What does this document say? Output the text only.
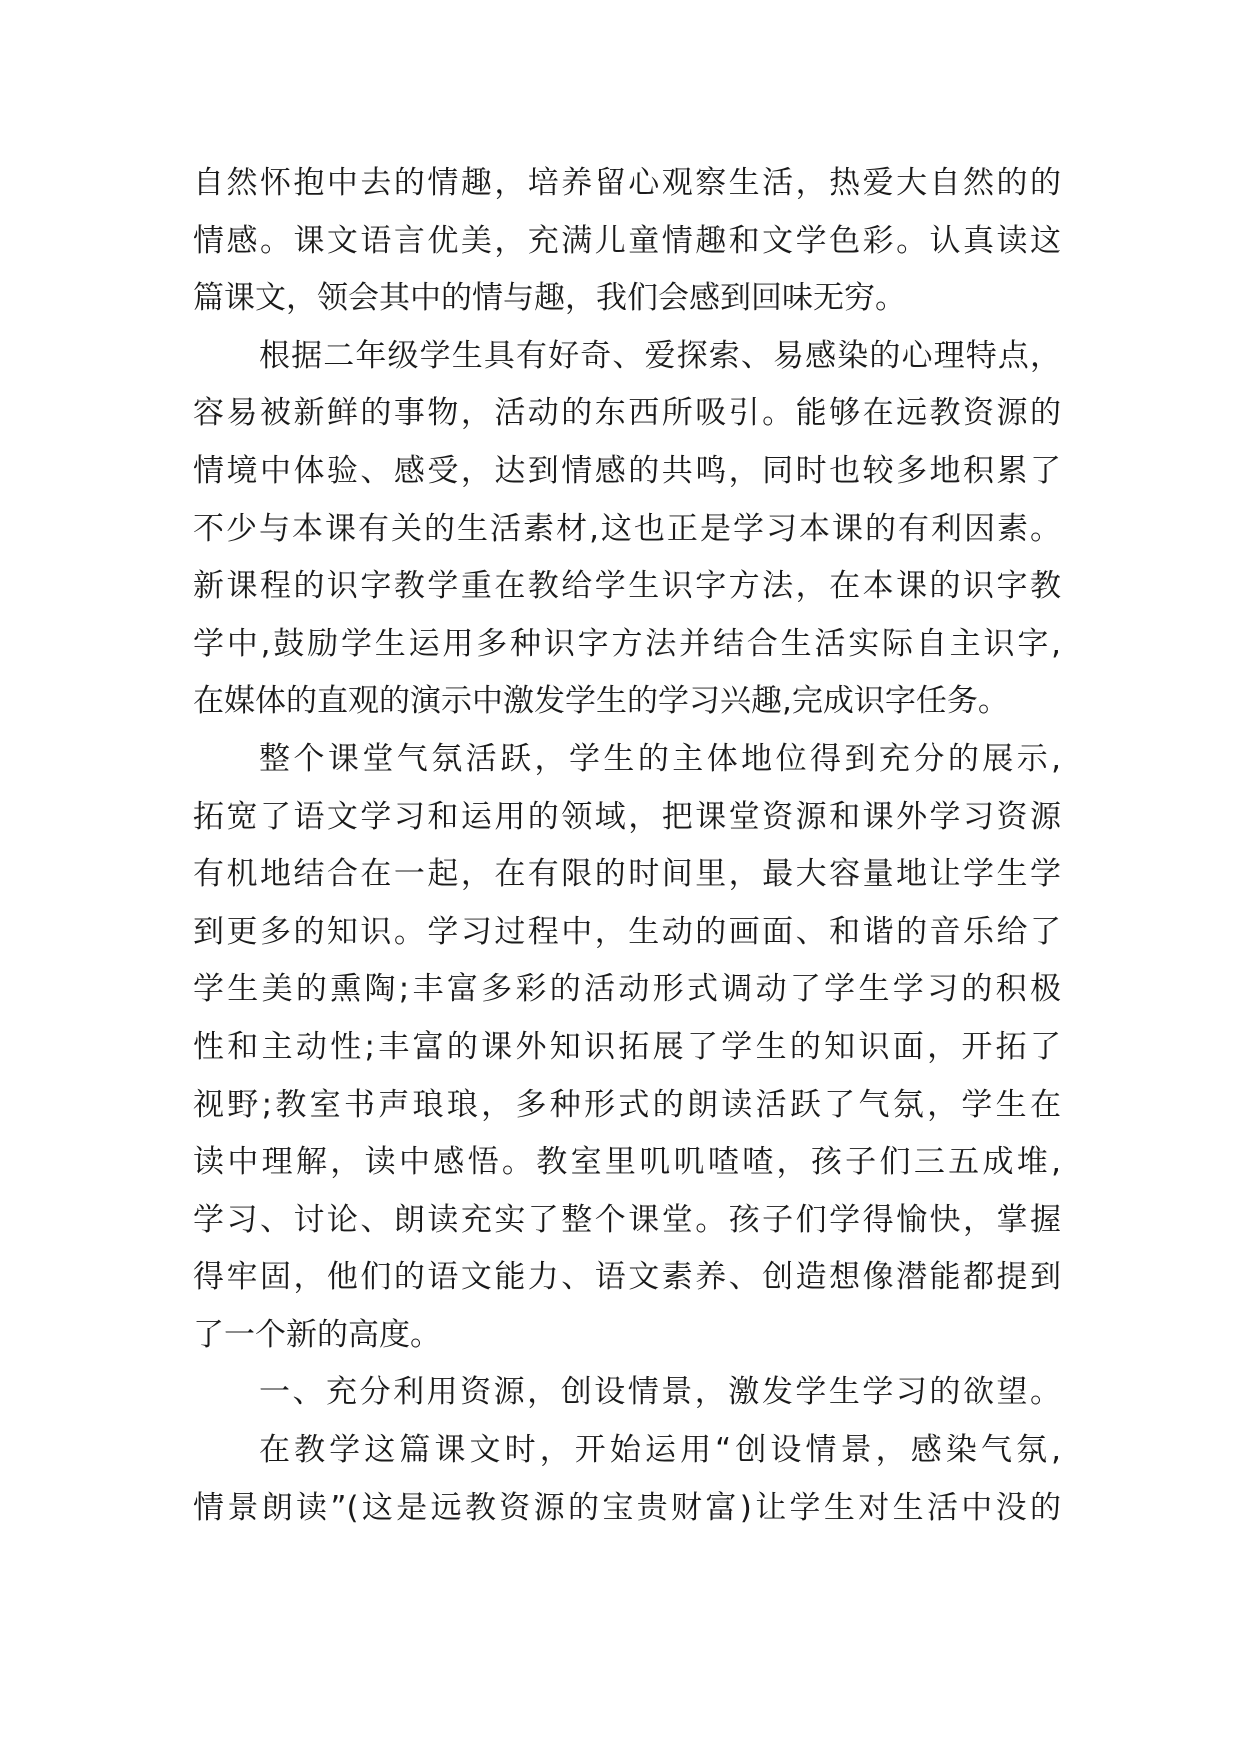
自然怀抱中去的情趣，培养留心观察生活，热爱大自然的的
情感。课文语言优美，充满儿童情趣和文学色彩。认真读这
篇课文，领会其中的情与趣，我们会感到回味无穷。
根据二年级学生具有好奇、爱探索、易感染的心理特点，
容易被新鲜的事物，活动的东西所吸引。能够在远教资源的
情境中体验、感受，达到情感的共鸣，同时也较多地积累了
不少与本课有关的生活素材,这也正是学习本课的有利因素。
新课程的识字教学重在教给学生识字方法，在本课的识字教
学中,鼓励学生运用多种识字方法并结合生活实际自主识字,
在媒体的直观的演示中激发学生的学习兴趣,完成识字任务。
整个课堂气氛活跃，学生的主体地位得到充分的展示,
拓宽了语文学习和运用的领域，把课堂资源和课外学习资源
有机地结合在一起，在有限的时间里，最大容量地让学生学
到更多的知识。学习过程中，生动的画面、和谐的音乐给了
学生美的熏陶;丰富多彩的活动形式调动了学生学习的积极
性和主动性;丰富的课外知识拓展了学生的知识面，开拓了
视野;教室书声琅琅，多种形式的朗读活跃了气氛，学生在
读中理解，读中感悟。教室里叽叽喳喳，孩子们三五成堆,
学习、讨论、朗读充实了整个课堂。孩子们学得愉快，掌握
得牢固，他们的语文能力、语文素养、创造想像潜能都提到
了一个新的高度。
一、充分利用资源，创设情景，激发学生学习的欲望。
在教学这篇课文时，开始运用“创设情景，感染气氛,
情景朗读”(这是远教资源的宝贵财富)让学生对生活中没的
